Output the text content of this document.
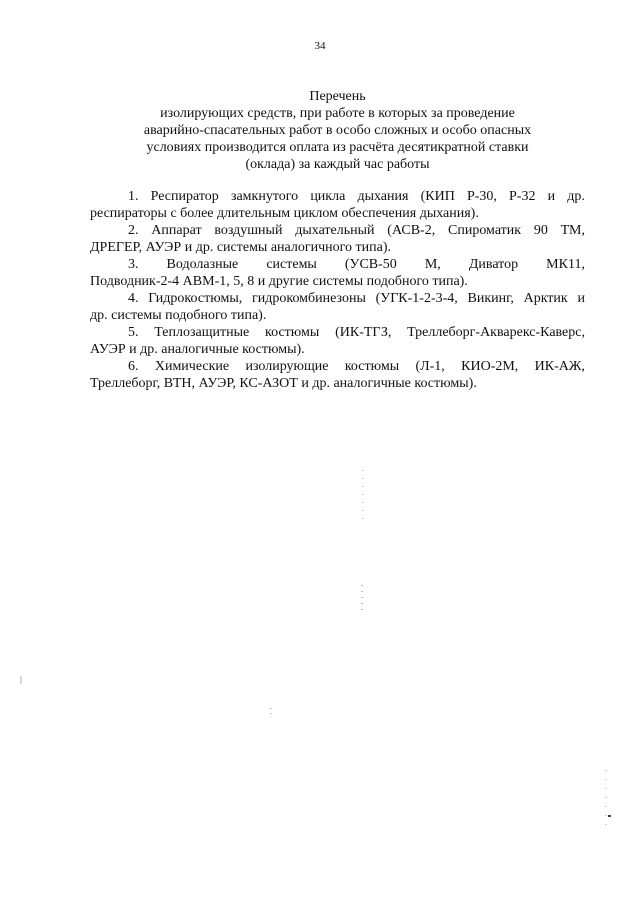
34
Перечень
изолирующих средств, при работе в которых за проведение
аварийно-спасательных работ в особо сложных и особо опасных
условиях производится оплата из расчёта десятикратной ставки
(оклада) за каждый час работы
1. Респиратор замкнутого цикла дыхания (КИП Р-30, Р-32 и др.
респираторы с более длительным циклом обеспечения дыхания).
2. Аппарат воздушный дыхательный (АСВ-2, Спироматик 90 ТМ,
ДРЕГЕР, АУЭР и др. системы аналогичного типа).
3. Водолазные системы (УСВ-50 М, Диватор МК11,
Подводник-2-4 АВМ-1, 5, 8 и другие системы подобного типа).
4. Гидрокостюмы, гидрокомбинезоны (УГК-1-2-3-4, Викинг, Арктик и
др. системы подобного типа).
5. Теплозащитные костюмы (ИК-ТГЗ, Треллеборг-Акварекс-Каверс,
АУЭР и др. аналогичные костюмы).
6. Химические изолирующие костюмы (Л-1, КИО-2М, ИК-АЖ,
Треллеборг, ВТН, АУЭР, КС-АЗОТ и др. аналогичные костюмы).
